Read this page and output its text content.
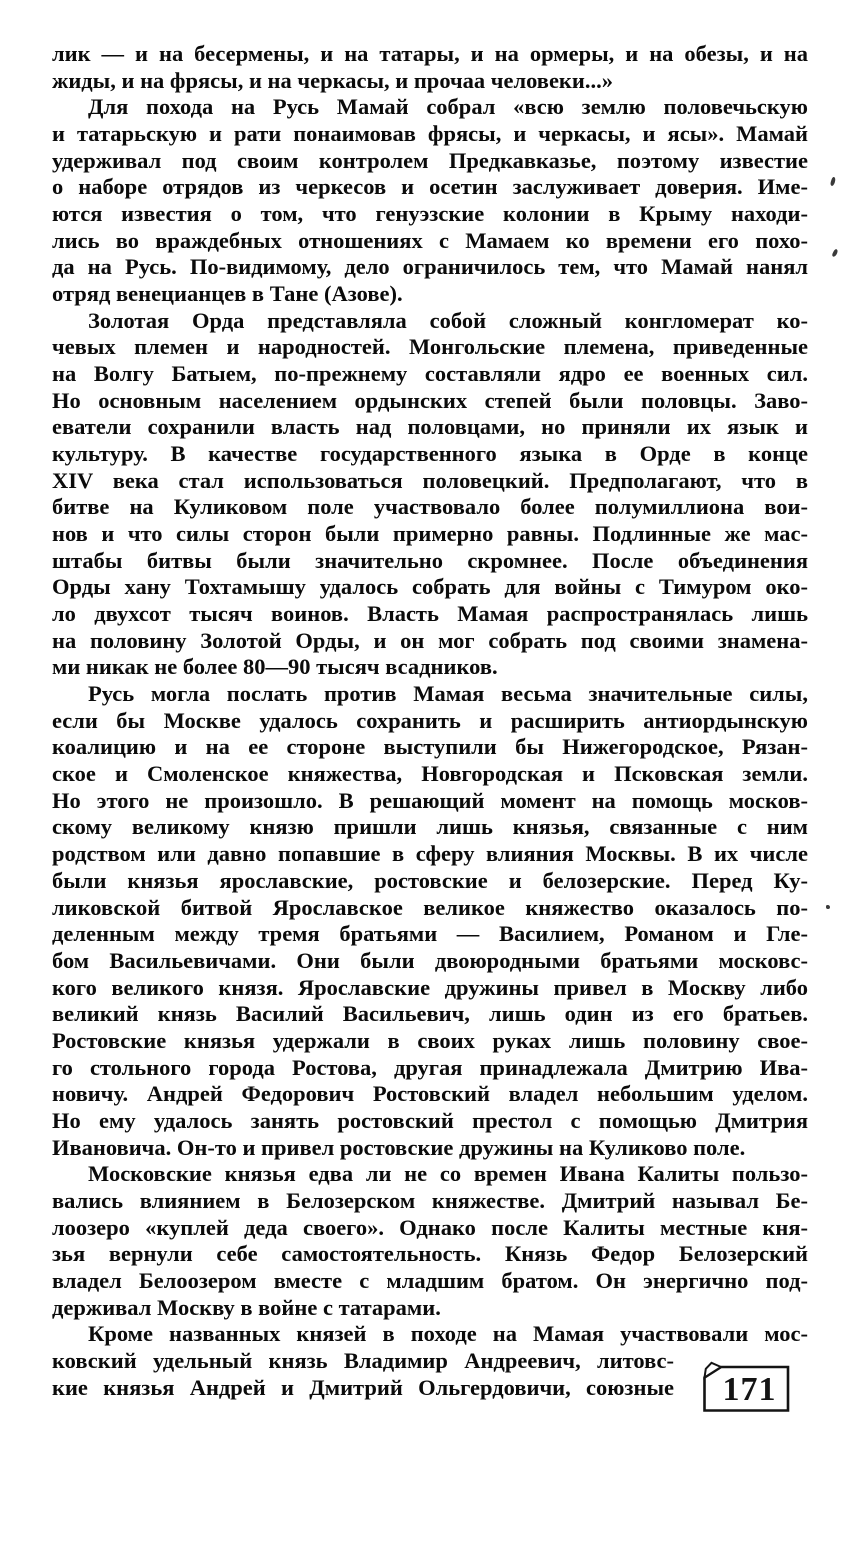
лик — и на бесермены, и на татары, и на ормеры, и на обезы, и на
жиды, и на фрясы, и на черкасы, и прочаа человеки...»
Для похода на Русь Мамай собрал «всю землю половечьскую
и татарьскую и рати понаимовав фрясы, и черкасы, и ясы». Мамай
удерживал под своим контролем Предкавказье, поэтому известие
о наборе отрядов из черкесов и осетин заслуживает доверия. Име-
ются известия о том, что генуэзские колонии в Крыму находи-
лись во враждебных отношениях с Мамаем ко времени его похо-
да на Русь. По-видимому, дело ограничилось тем, что Мамай нанял
отряд венецианцев в Тане (Азове).
Золотая Орда представляла собой сложный конгломерат ко-
чевых племен и народностей. Монгольские племена, приведенные
на Волгу Батыем, по-прежнему составляли ядро ее военных сил.
Но основным населением ордынских степей были половцы. Заво-
еватели сохранили власть над половцами, но приняли их язык и
культуру. В качестве государственного языка в Орде в конце
XIV века стал использоваться половецкий. Предполагают, что в
битве на Куликовом поле участвовало более полумиллиона вои-
нов и что силы сторон были примерно равны. Подлинные же мас-
штабы битвы были значительно скромнее. После объединения
Орды хану Тохтамышу удалось собрать для войны с Тимуром око-
ло двухсот тысяч воинов. Власть Мамая распространялась лишь
на половину Золотой Орды, и он мог собрать под своими знамена-
ми никак не более 80—90 тысяч всадников.
Русь могла послать против Мамая весьма значительные силы,
если бы Москве удалось сохранить и расширить антиордынскую
коалицию и на ее стороне выступили бы Нижегородское, Рязан-
ское и Смоленское княжества, Новгородская и Псковская земли.
Но этого не произошло. В решающий момент на помощь москов-
скому великому князю пришли лишь князья, связанные с ним
родством или давно попавшие в сферу влияния Москвы. В их числе
были князья ярославские, ростовские и белозерские. Перед Ку-
ликовской битвой Ярославское великое княжество оказалось по-
деленным между тремя братьями — Василием, Романом и Гле-
бом Васильевичами. Они были двоюродными братьями московс-
кого великого князя. Ярославские дружины привел в Москву либо
великий князь Василий Васильевич, лишь один из его братьев.
Ростовские князья удержали в своих руках лишь половину свое-
го стольного города Ростова, другая принадлежала Дмитрию Ива-
новичу. Андрей Федорович Ростовский владел небольшим уделом.
Но ему удалось занять ростовский престол с помощью Дмитрия
Ивановича. Он-то и привел ростовские дружины на Куликово поле.
Московские князья едва ли не со времен Ивана Калиты пользо-
вались влиянием в Белозерском княжестве. Дмитрий называл Бе-
лоозеро «куплей деда своего». Однако после Калиты местные кня-
зья вернули себе самостоятельность. Князь Федор Белозерский
владел Белоозером вместе с младшим братом. Он энергично под-
держивал Москву в войне с татарами.
Кроме названных князей в походе на Мамая участвовали мос-
ковский удельный князь Владимир Андреевич, литовс-
кие князья Андрей и Дмитрий Ольгердовичи, союзные	171
